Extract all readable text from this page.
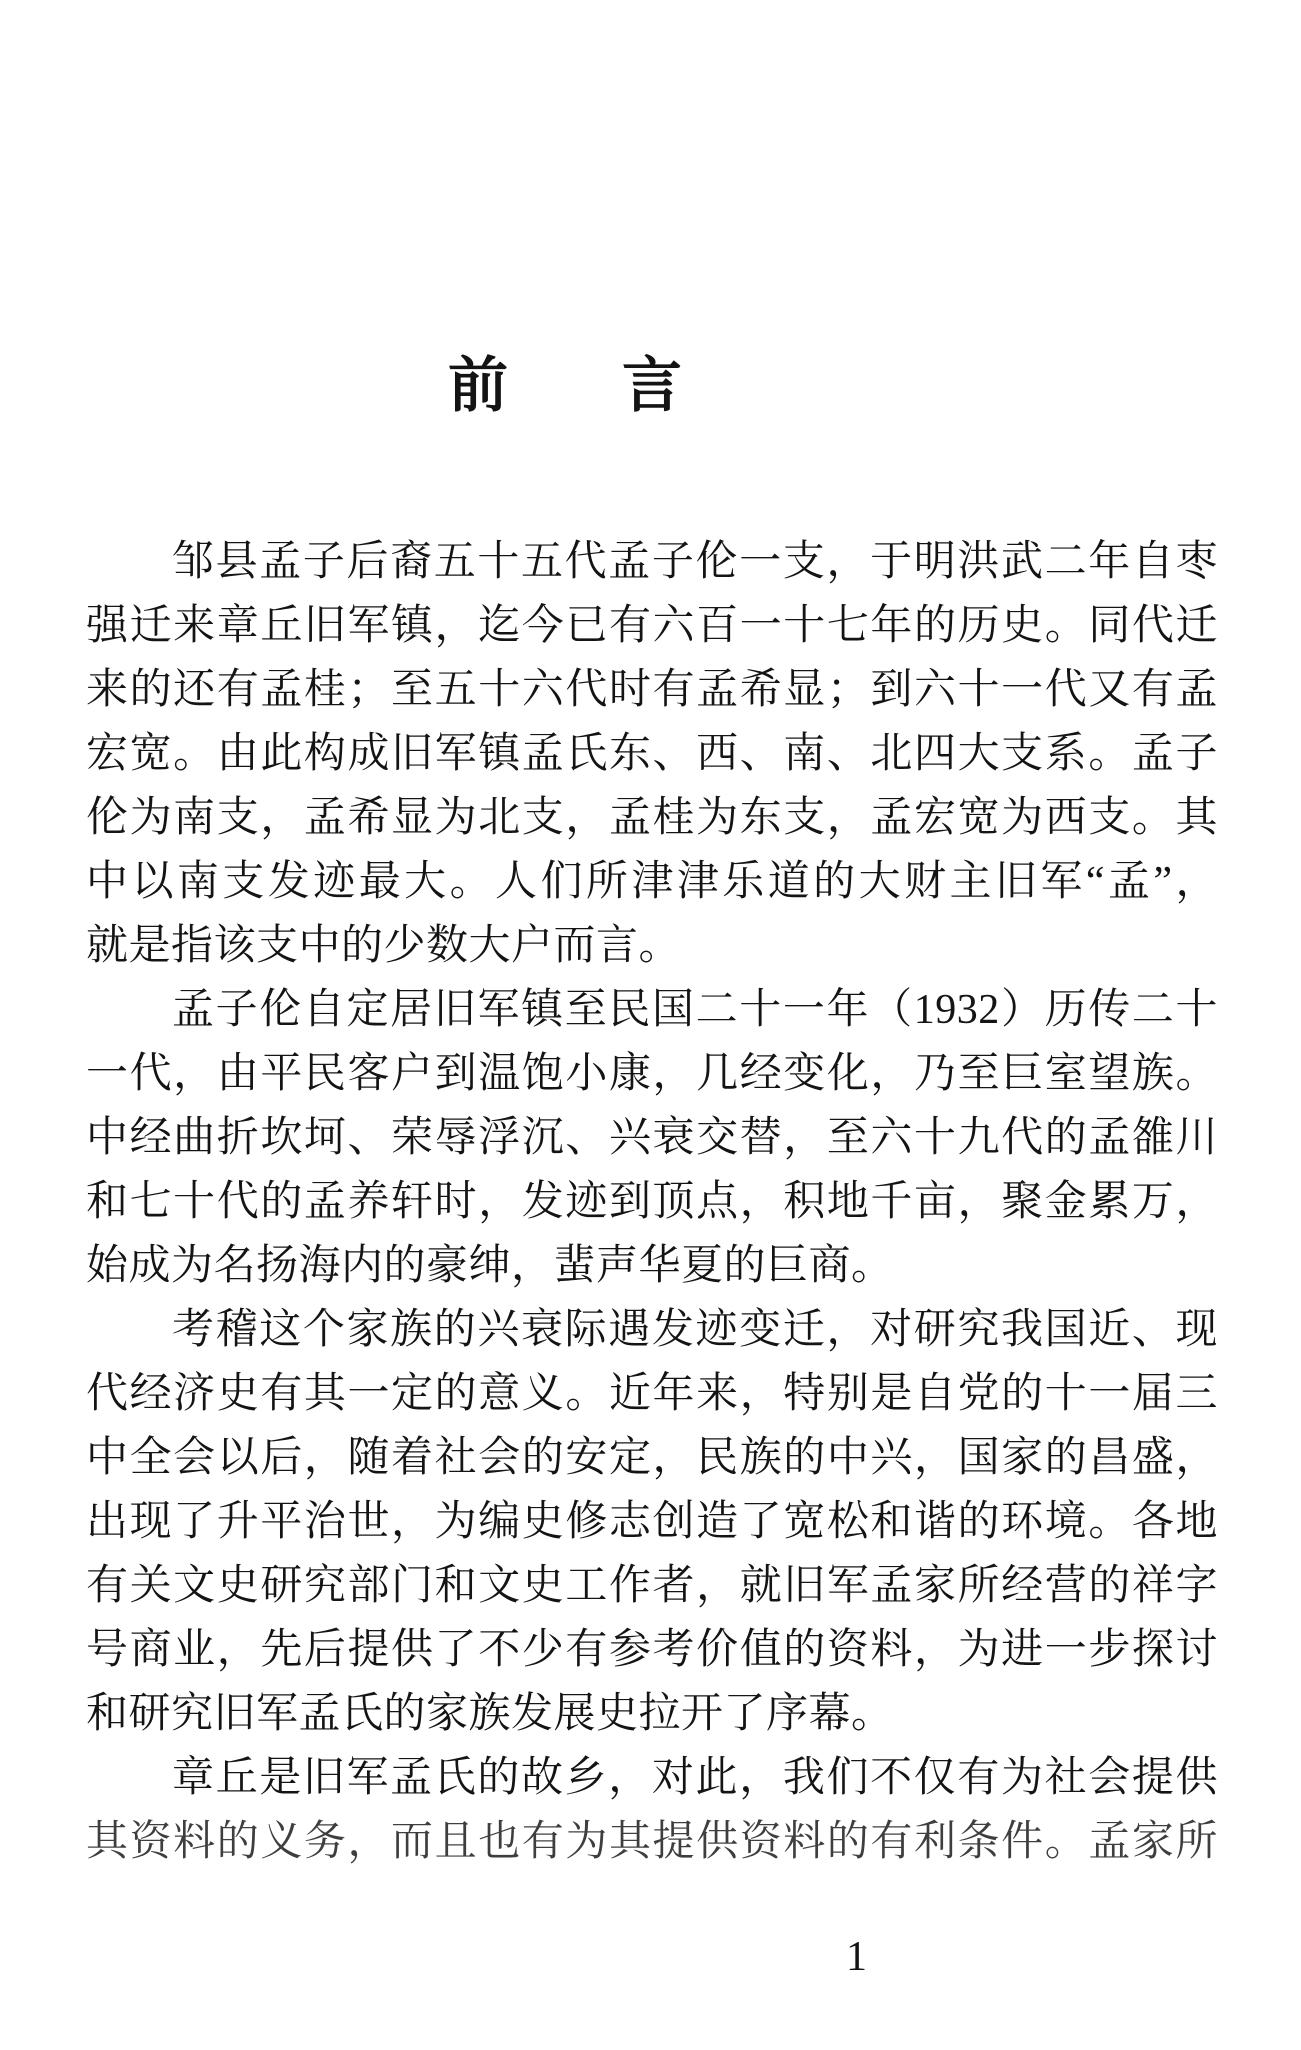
前 言
邹县孟子后裔五十五代孟子伦一支，于明洪武二年自枣
强迁来章丘旧军镇，迄今已有六百一十七年的历史。同代迁
来的还有孟桂；至五十六代时有孟希显；到六十一代又有孟
宏宽。由此构成旧军镇孟氏东、西、南、北四大支系。孟子
伦为南支，孟希显为北支，孟桂为东支，孟宏宽为西支。其
中以南支发迹最大。人们所津津乐道的大财主旧军“孟”，
就是指该支中的少数大户而言。
孟子伦自定居旧军镇至民国二十一年（1932）历传二十
一代，由平民客户到温饱小康，几经变化，乃至巨室望族。
中经曲折坎坷、荣辱浮沉、兴衰交替，至六十九代的孟雒川
和七十代的孟养轩时，发迹到顶点，积地千亩，聚金累万，
始成为名扬海内的豪绅，蜚声华夏的巨商。
考稽这个家族的兴衰际遇发迹变迁，对研究我国近、现
代经济史有其一定的意义。近年来，特别是自党的十一届三
中全会以后，随着社会的安定，民族的中兴，国家的昌盛，
出现了升平治世，为编史修志创造了宽松和谐的环境。各地
有关文史研究部门和文史工作者，就旧军孟家所经营的祥字
号商业，先后提供了不少有参考价值的资料，为进一步探讨
和研究旧军孟氏的家族发展史拉开了序幕。
章丘是旧军孟氏的故乡，对此，我们不仅有为社会提供
其资料的义务，而且也有为其提供资料的有利条件。孟家所
1
